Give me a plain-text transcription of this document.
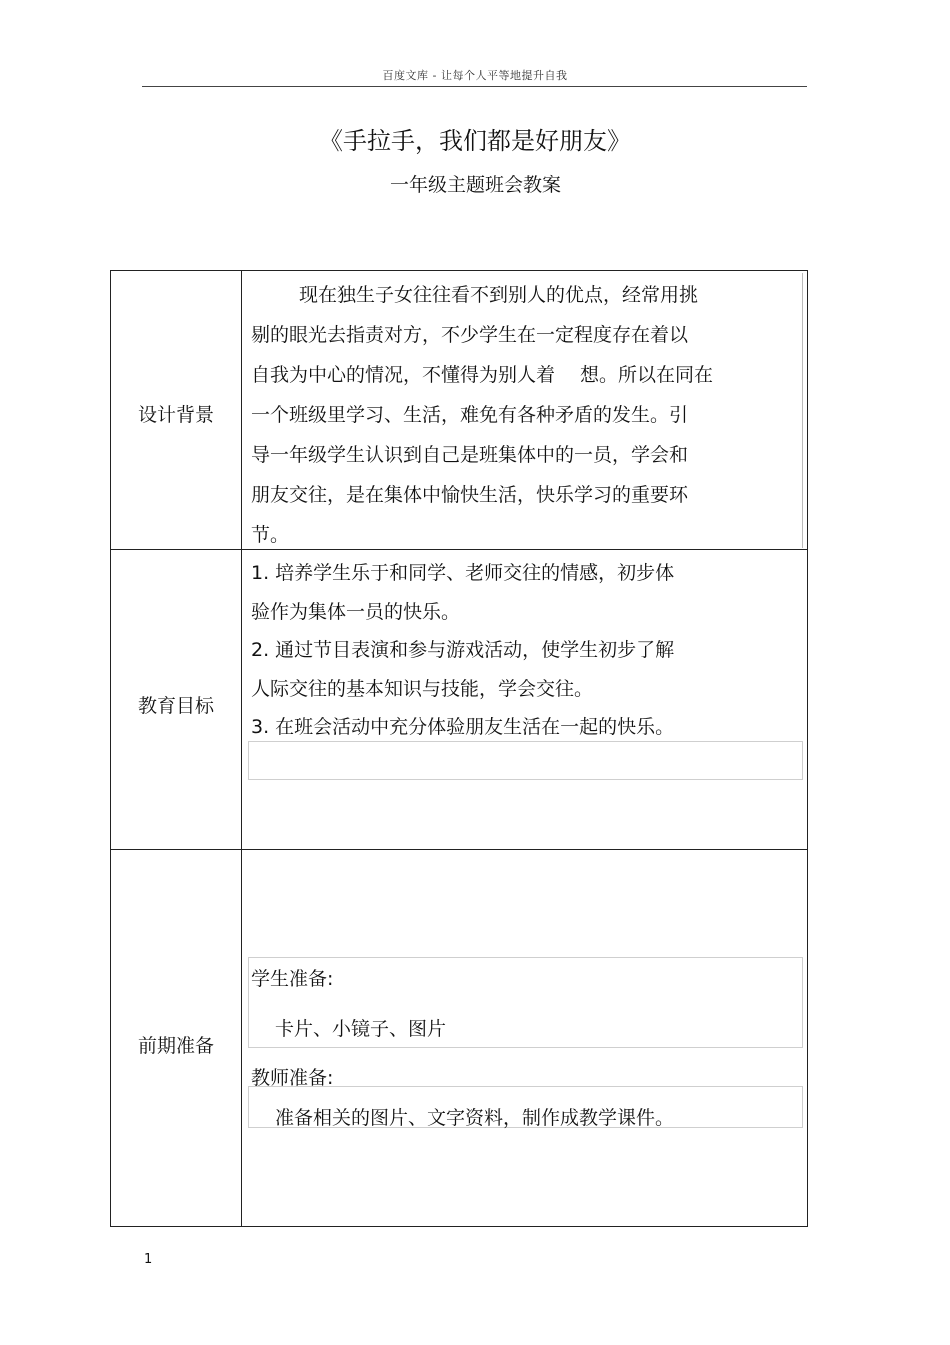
百度文库 - 让每个人平等地提升自我
《手拉手，我们都是好朋友》
一年级主题班会教案
设计背景
现在独生子女往往看不到别人的优点，经常用挑
剔的眼光去指责对方，不少学生在一定程度存在着以
自我为中心的情况，不懂得为别人着　 想。所以在同在
一个班级里学习、生活，难免有各种矛盾的发生。引
导一年级学生认识到自己是班集体中的一员，学会和
朋友交往，是在集体中愉快生活，快乐学习的重要环
节。
教育目标
1. 培养学生乐于和同学、老师交往的情感，初步体
验作为集体一员的快乐。
2. 通过节目表演和参与游戏活动，使学生初步了解
人际交往的基本知识与技能，学会交往。
3. 在班会活动中充分体验朋友生活在一起的快乐。
前期准备
学生准备:
卡片、小镜子、图片
教师准备:
准备相关的图片、文字资料，制作成教学课件。
1
